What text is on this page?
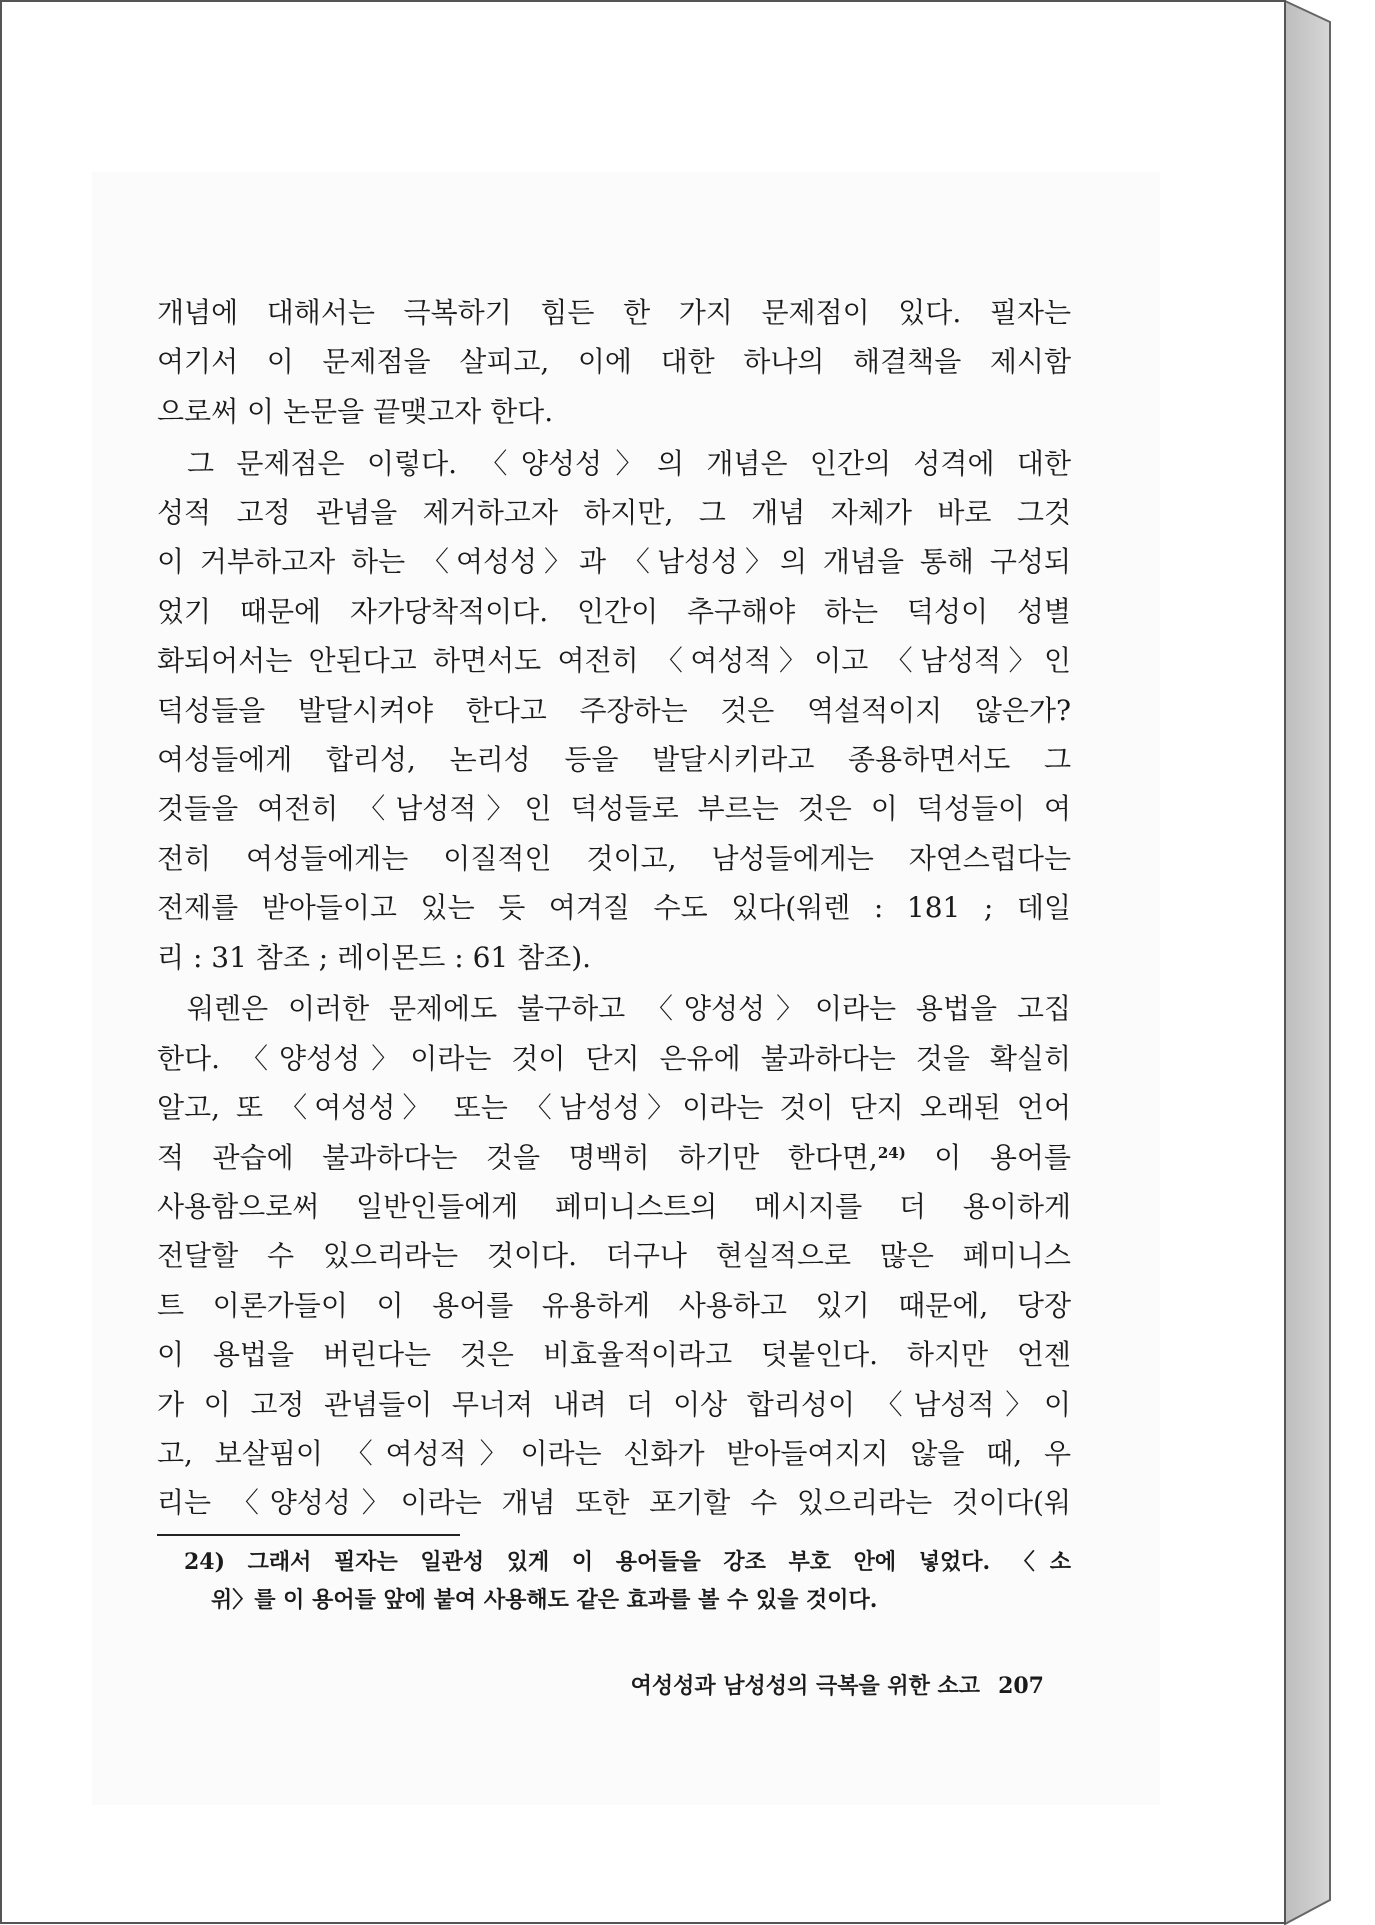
개념에 대해서는 극복하기 힘든 한 가지 문제점이 있다. 필자는
여기서 이 문제점을 살피고, 이에 대한 하나의 해결책을 제시함
으로써 이 논문을 끝맺고자 한다.
그 문제점은 이렇다. 〈양성성〉의 개념은 인간의 성격에 대한
성적 고정 관념을 제거하고자 하지만, 그 개념 자체가 바로 그것
이 거부하고자 하는 〈여성성〉과 〈남성성〉의 개념을 통해 구성되
었기 때문에 자가당착적이다. 인간이 추구해야 하는 덕성이 성별
화되어서는 안된다고 하면서도 여전히 〈여성적〉이고 〈남성적〉인
덕성들을 발달시켜야 한다고 주장하는 것은 역설적이지 않은가?
여성들에게 합리성, 논리성 등을 발달시키라고 종용하면서도 그
것들을 여전히 〈남성적〉인 덕성들로 부르는 것은 이 덕성들이 여
전히 여성들에게는 이질적인 것이고, 남성들에게는 자연스럽다는
전제를 받아들이고 있는 듯 여겨질 수도 있다(워렌 : 181 ; 데일
리 : 31 참조 ; 레이몬드 : 61 참조).
워렌은 이러한 문제에도 불구하고 〈양성성〉이라는 용법을 고집
한다. 〈양성성〉이라는 것이 단지 은유에 불과하다는 것을 확실히
알고, 또 〈여성성〉 또는 〈남성성〉이라는 것이 단지 오래된 언어
적 관습에 불과하다는 것을 명백히 하기만 한다면,$^{24)}$ 이 용어를
사용함으로써 일반인들에게 페미니스트의 메시지를 더 용이하게
전달할 수 있으리라는 것이다. 더구나 현실적으로 많은 페미니스
트 이론가들이 이 용어를 유용하게 사용하고 있기 때문에, 당장
이 용법을 버린다는 것은 비효율적이라고 덧붙인다. 하지만 언젠
가 이 고정 관념들이 무너져 내려 더 이상 합리성이 〈남성적〉이
고, 보살핌이 〈여성적〉이라는 신화가 받아들여지지 않을 때, 우
리는 〈양성성〉이라는 개념 또한 포기할 수 있으리라는 것이다(워
24) 그래서 필자는 일관성 있게 이 용어들을 강조 부호 안에 넣었다. 〈소
위〉를 이 용어들 앞에 붙여 사용해도 같은 효과를 볼 수 있을 것이다.
여성성과 남성성의 극복을 위한 소고 207
